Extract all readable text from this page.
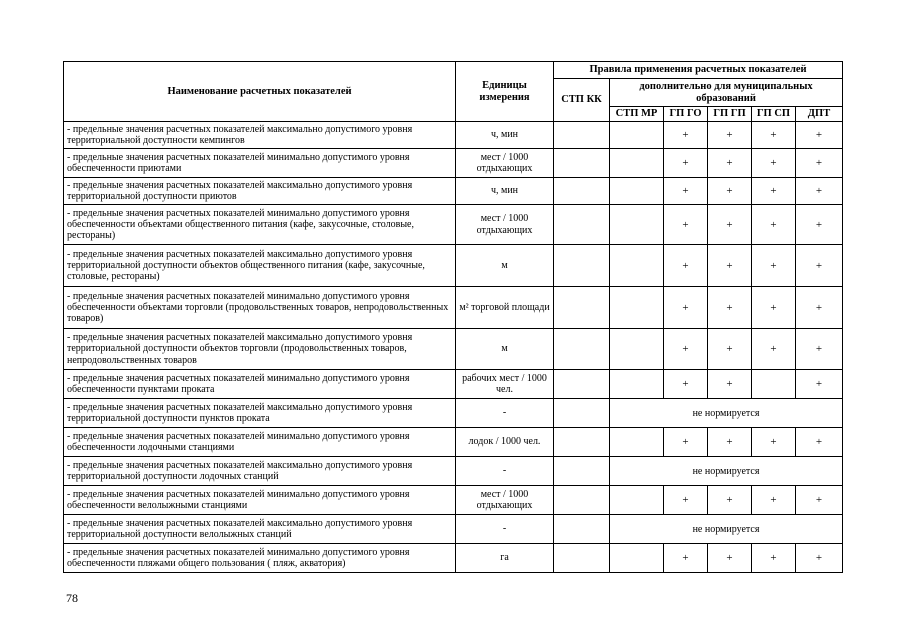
Наименование расчетных показателей	Единицы измерения	Правила применения расчетных показателей					
		СТП КК	дополнительно для муниципальных образований				
			СТП МР	ГП ГО	ГП ГП	ГП СП	ДПТ
- предельные значения расчетных показателей максимально допустимого уровня территориальной доступности кемпингов	ч, мин			+	+	+	+
- предельные значения расчетных показателей минимально допустимого уровня обеспеченности приютами	мест / 1000 отдыхающих			+	+	+	+
- предельные значения расчетных показателей максимально допустимого уровня территориальной доступности приютов	ч, мин			+	+	+	+
- предельные значения расчетных показателей минимально допустимого уровня обеспеченности объектами общественного питания (кафе, закусочные, столовые, рестораны)	мест / 1000 отдыхающих			+	+	+	+
- предельные значения расчетных показателей максимально допустимого уровня территориальной доступности объектов общественного питания (кафе, закусочные, столовые, рестораны)	м			+	+	+	+
- предельные значения расчетных показателей минимально допустимого уровня обеспеченности объектами торговли (продовольственных товаров, непродовольственных товаров)	м² торговой площади			+	+	+	+
- предельные значения расчетных показателей максимально допустимого уровня территориальной доступности объектов торговли (продовольственных товаров, непродовольственных товаров	м			+	+	+	+
- предельные значения расчетных показателей минимально допустимого уровня обеспеченности пунктами проката	рабочих мест / 1000 чел.			+	+		+
- предельные значения расчетных показателей максимально допустимого уровня территориальной доступности пунктов проката	-		не нормируется				
- предельные значения расчетных показателей минимально допустимого уровня обеспеченности лодочными станциями	лодок / 1000 чел.			+	+	+	+
- предельные значения расчетных показателей максимально допустимого уровня территориальной доступности лодочных станций	-		не нормируется				
- предельные значения расчетных показателей минимально допустимого уровня обеспеченности велолыжными станциями	мест / 1000 отдыхающих			+	+	+	+
- предельные значения расчетных показателей максимально допустимого уровня территориальной доступности велолыжных станций	-		не нормируется				
- предельные значения расчетных показателей минимально допустимого уровня обеспеченности пляжами общего пользования ( пляж, акватория)	га			+	+	+	+
78
